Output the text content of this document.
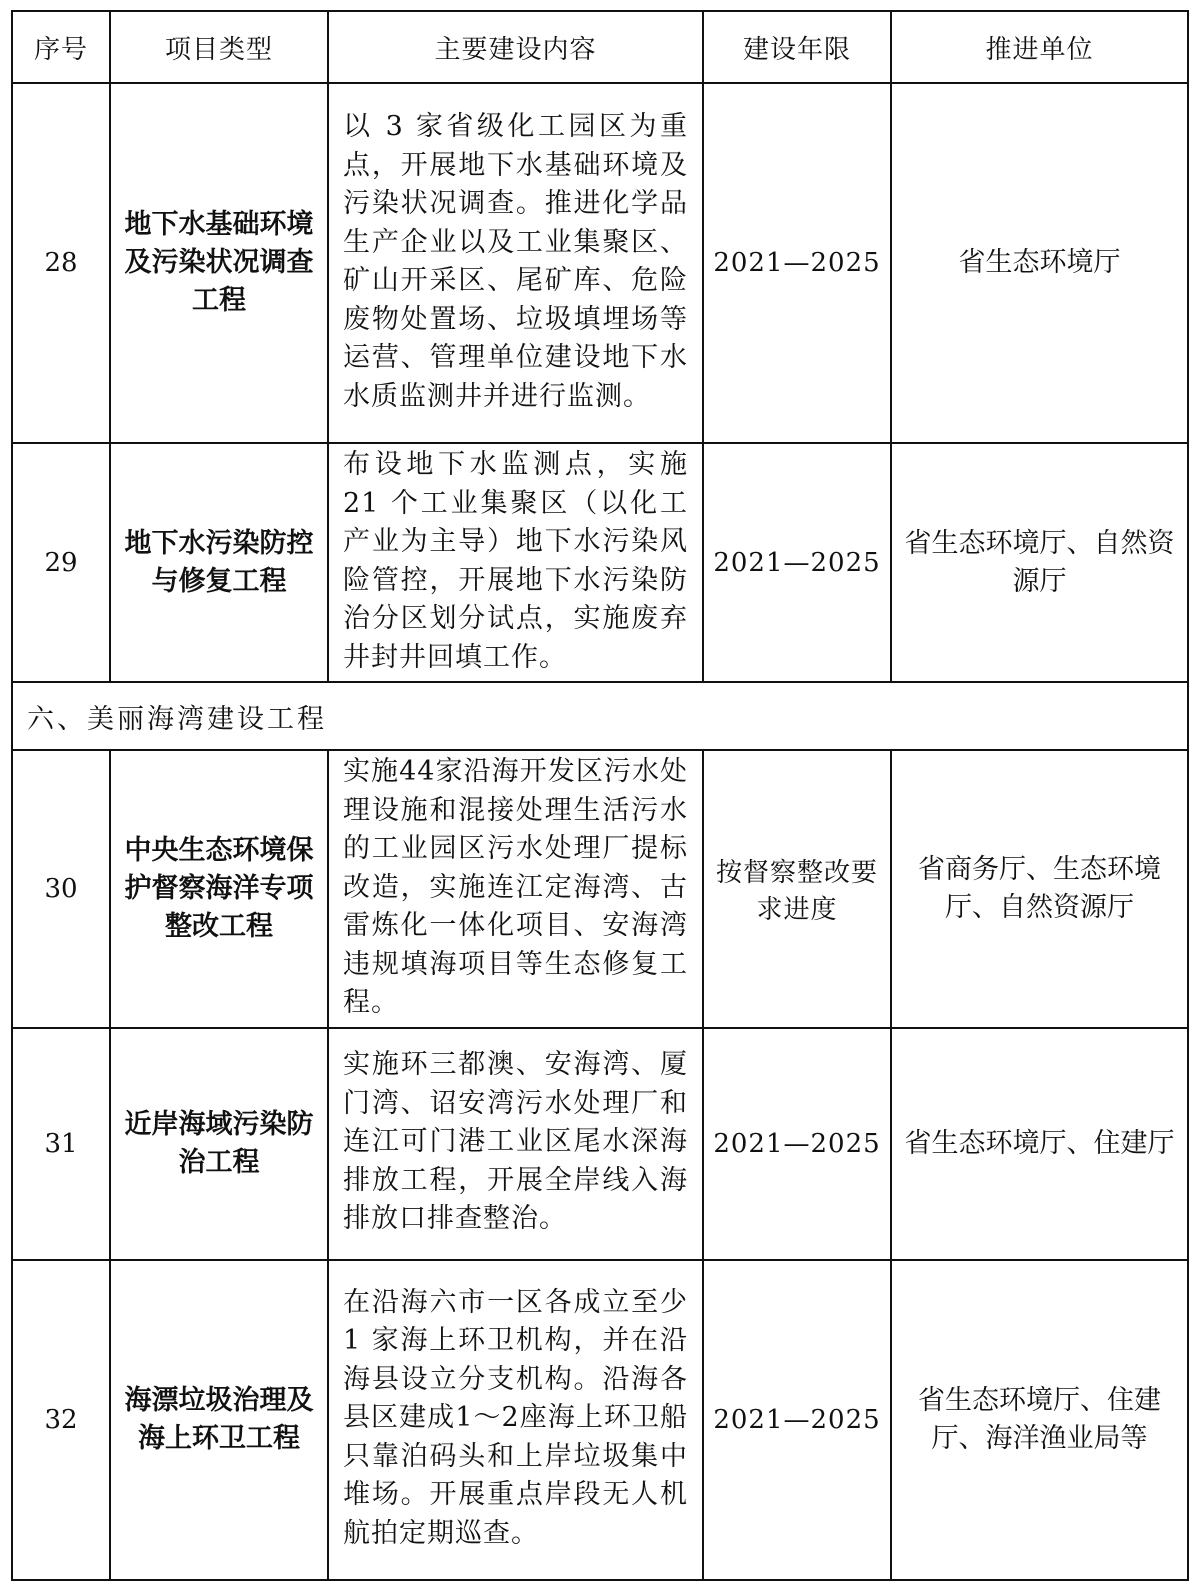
序号	项目类型	主要建设内容	建设年限	推进单位
28	地下水基础环境及污染状况调查工程	以 3 家省级化工园区为重点，开展地下水基础环境及污染状况调查。推进化学品生产企业以及工业集聚区、矿山开采区、尾矿库、危险废物处置场、垃圾填埋场等运营、管理单位建设地下水水质监测井并进行监测。	2021—2025	省生态环境厅
29	地下水污染防控与修复工程	布设地下水监测点，实施 21 个工业集聚区（以化工产业为主导）地下水污染风险管控，开展地下水污染防治分区划分试点，实施废弃井封井回填工作。	2021—2025	省生态环境厅、自然资源厅
六、美丽海湾建设工程				
30	中央生态环境保护督察海洋专项整改工程	实施44家沿海开发区污水处理设施和混接处理生活污水的工业园区污水处理厂提标改造，实施连江定海湾、古雷炼化一体化项目、安海湾违规填海项目等生态修复工程。	按督察整改要求进度	省商务厅、生态环境厅、自然资源厅
31	近岸海域污染防治工程	实施环三都澳、安海湾、厦门湾、诏安湾污水处理厂和连江可门港工业区尾水深海排放工程，开展全岸线入海排放口排查整治。	2021—2025	省生态环境厅、住建厅
32	海漂垃圾治理及海上环卫工程	在沿海六市一区各成立至少 1 家海上环卫机构，并在沿海县设立分支机构。沿海各县区建成1～2座海上环卫船只靠泊码头和上岸垃圾集中堆场。开展重点岸段无人机航拍定期巡查。	2021—2025	省生态环境厅、住建厅、海洋渔业局等
